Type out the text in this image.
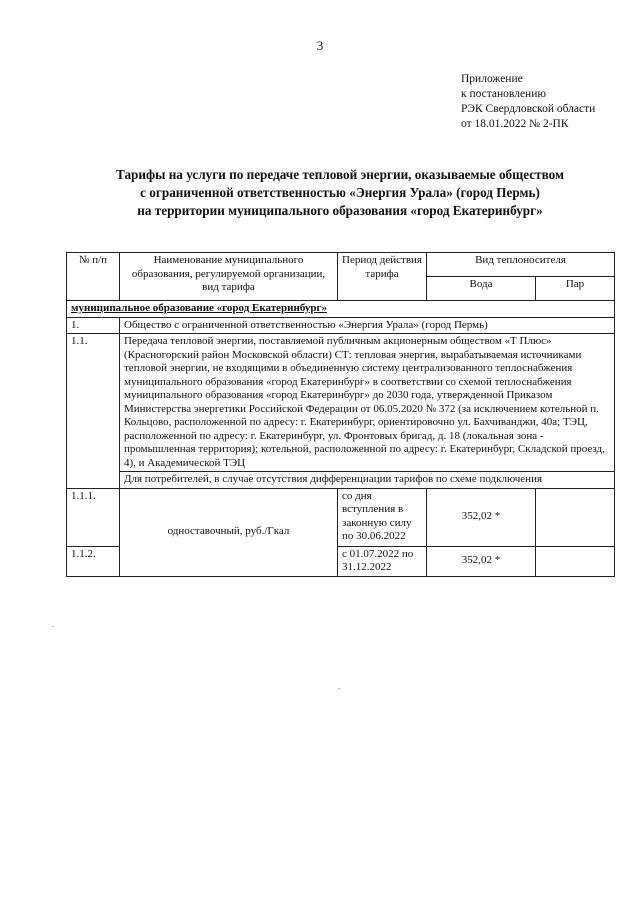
3
Приложение
к постановлению
РЭК Свердловской области
от 18.01.2022 № 2-ПК
Тарифы на услуги по передаче тепловой энергии, оказываемые обществом
с ограниченной ответственностью «Энергия Урала» (город Пермь)
на территории муниципального образования «город Екатеринбург»
№ п/п	Наименование муниципального образования, регулируемой организации, вид тарифа	Период действия тарифа	Вид теплоносителя	
			Вода	Пар
муниципальное образование «город Екатеринбург»				
1.	Общество с ограниченной ответственностью «Энергия Урала» (город Пермь)			
1.1.	Передача тепловой энергии, поставляемой публичным акционерным обществом «Т Плюс» (Красногорский район Московской области) СТ: тепловая энергия, вырабатываемая источниками тепловой энергии, не входящими в объединенную систему централизованного теплоснабжения муниципального образования «город Екатеринбург» в соответствии со схемой теплоснабжения муниципального образования «город Екатеринбург» до 2030 года, утвержденной Приказом Министерства энергетики Российской Федерации от 06.05.2020 № 372 (за исключением котельной п. Кольцово, расположенной по адресу: г. Екатеринбург, ориентировочно ул. Бахчиванджи, 40а; ТЭЦ, расположенной по адресу: г. Екатеринбург, ул. Фронтовых бригад, д. 18 (локальная зона - промышленная территория); котельной, расположенной по адресу: г. Екатеринбург, Складской проезд, 4), и Академической ТЭЦ			
	Для потребителей, в случае отсутствия дифференциации тарифов по схеме подключения			
1.1.1.	одноставочный, руб./Гкал	со дня вступления в законную силу по 30.06.2022	352,02 *	
1.1.2.		с 01.07.2022 по 31.12.2022	352,02 *	
